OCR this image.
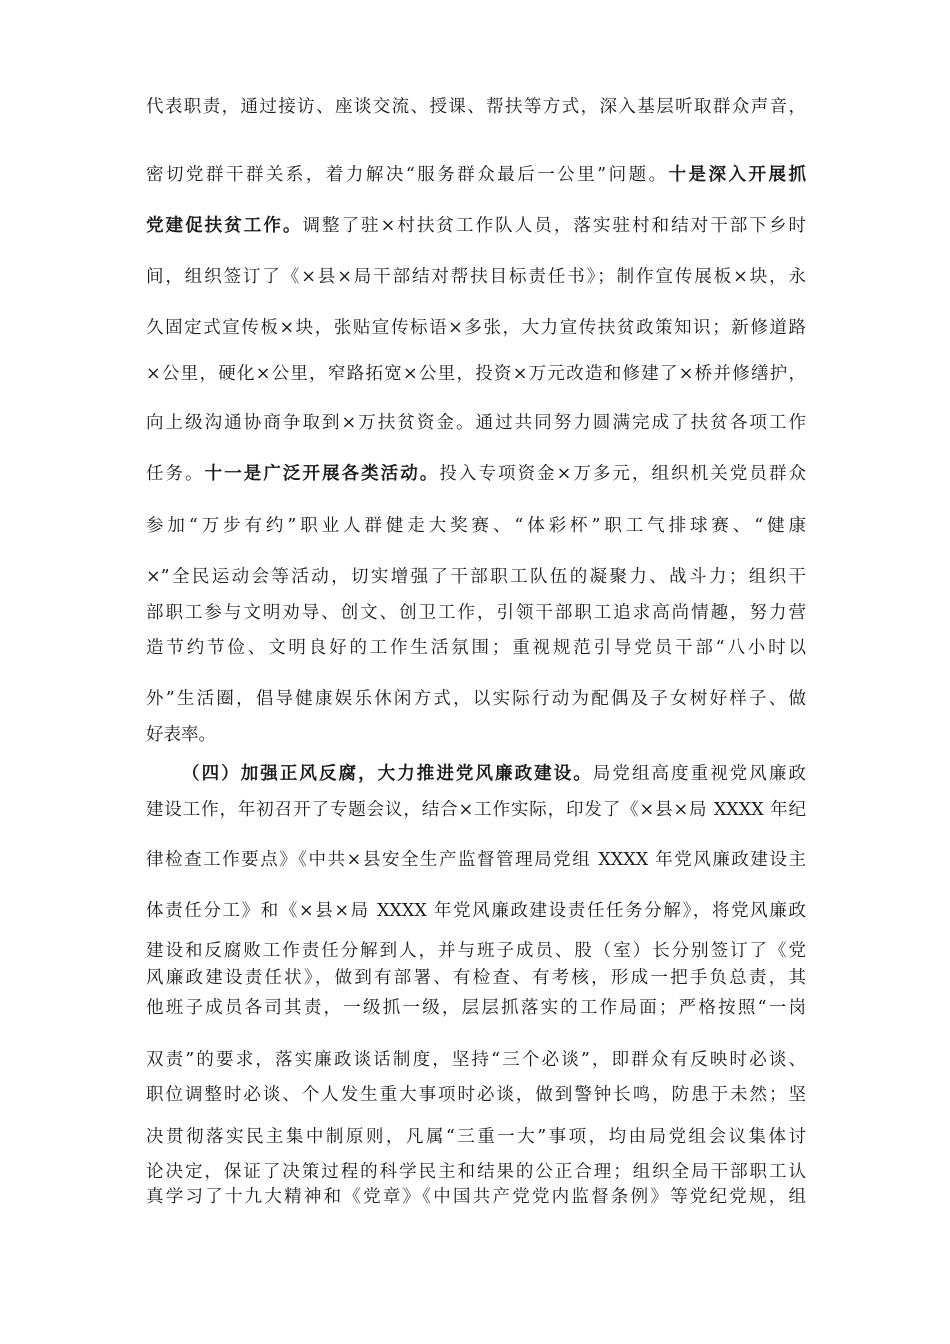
代表职责，通过接访、座谈交流、授课、帮扶等方式，深入基层听取群众声音，
密切党群干群关系，着力解决“服务群众最后一公里”问题。十是深入开展抓
党建促扶贫工作。调整了驻×村扶贫工作队人员，落实驻村和结对干部下乡时
间，组织签订了《×县×局干部结对帮扶目标责任书》；制作宣传展板×块，永
久固定式宣传板×块，张贴宣传标语×多张，大力宣传扶贫政策知识；新修道路
×公里，硬化×公里，窄路拓宽×公里，投资×万元改造和修建了×桥并修缮护，
向上级沟通协商争取到×万扶贫资金。通过共同努力圆满完成了扶贫各项工作
任务。十一是广泛开展各类活动。投入专项资金×万多元，组织机关党员群众
参加“万步有约”职业人群健走大奖赛、“体彩杯”职工气排球赛、“健康
×”全民运动会等活动，切实增强了干部职工队伍的凝聚力、战斗力；组织干
部职工参与文明劝导、创文、创卫工作，引领干部职工追求高尚情趣，努力营
造节约节俭、文明良好的工作生活氛围；重视规范引导党员干部“八小时以
外”生活圈，倡导健康娱乐休闲方式，以实际行动为配偶及子女树好样子、做
好表率。
（四）加强正风反腐，大力推进党风廉政建设。局党组高度重视党风廉政
建设工作，年初召开了专题会议，结合×工作实际，印发了《×县×局 XXXX 年纪
律检查工作要点》《中共×县安全生产监督管理局党组 XXXX 年党风廉政建设主
体责任分工》和《×县×局 XXXX 年党风廉政建设责任任务分解》，将党风廉政
建设和反腐败工作责任分解到人，并与班子成员、股（室）长分别签订了《党
风廉政建设责任状》，做到有部署、有检查、有考核，形成一把手负总责，其
他班子成员各司其责，一级抓一级，层层抓落实的工作局面；严格按照“一岗
双责”的要求，落实廉政谈话制度，坚持“三个必谈”，即群众有反映时必谈、
职位调整时必谈、个人发生重大事项时必谈，做到警钟长鸣，防患于未然；坚
决贯彻落实民主集中制原则，凡属“三重一大”事项，均由局党组会议集体讨
论决定，保证了决策过程的科学民主和结果的公正合理；组织全局干部职工认
真学习了十九大精神和《党章》《中国共产党党内监督条例》等党纪党规，组
